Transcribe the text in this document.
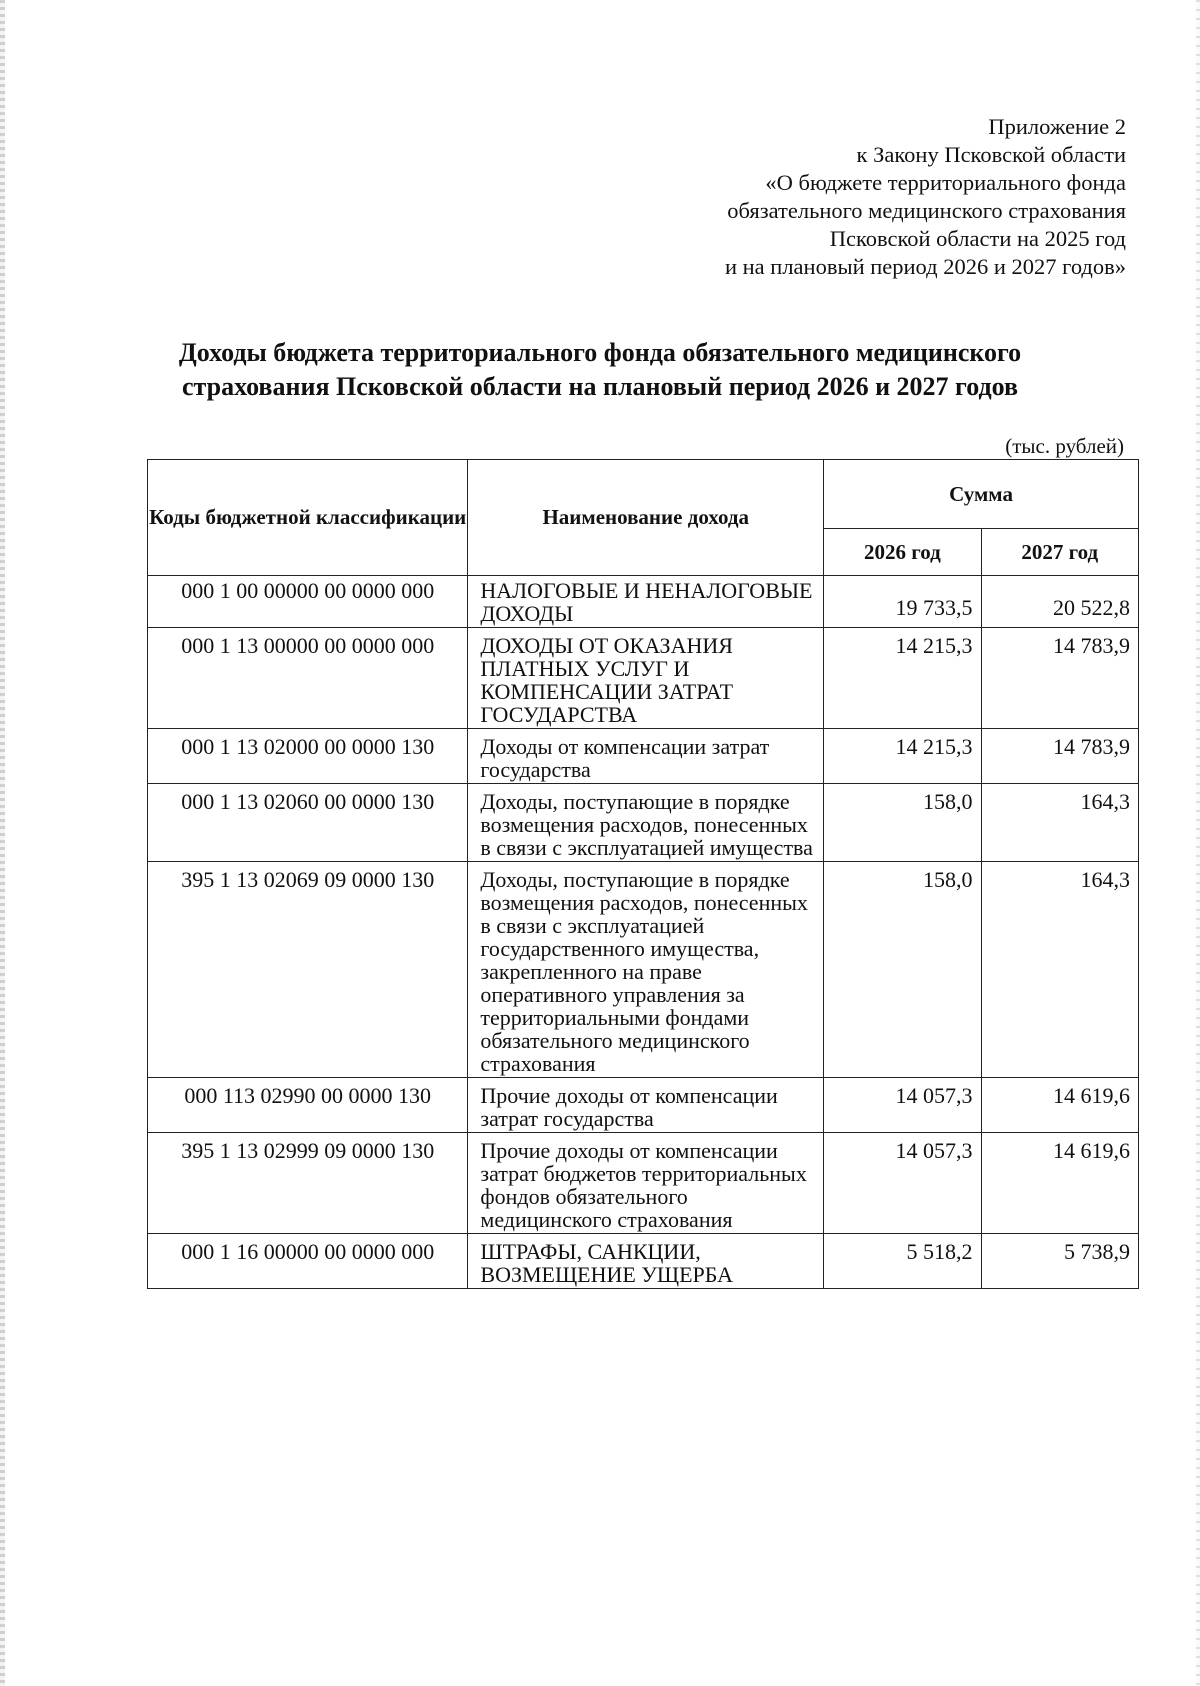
Приложение 2
к Закону Псковской области
«О бюджете территориального фонда
обязательного медицинского страхования
Псковской области на 2025 год
и на плановый период 2026 и 2027 годов»
Доходы бюджета территориального фонда обязательного медицинского
страхования Псковской области на плановый период 2026 и 2027 годов
(тыс. рублей)
Коды бюджетной классификации	Наименование дохода	Сумма	
		2026 год	2027 год
000 1 00 00000 00 0000 000	НАЛОГОВЫЕ И НЕНАЛОГОВЫЕ ДОХОДЫ	19 733,5	20 522,8
000 1 13 00000 00 0000 000	ДОХОДЫ ОТ ОКАЗАНИЯ ПЛАТНЫХ УСЛУГ И КОМПЕНСАЦИИ ЗАТРАТ ГОСУДАРСТВА	14 215,3	14 783,9
000 1 13 02000 00 0000 130	Доходы от компенсации затрат государства	14 215,3	14 783,9
000 1 13 02060 00 0000 130	Доходы, поступающие в порядке возмещения расходов, понесенных в связи с эксплуатацией имущества	158,0	164,3
395 1 13 02069 09 0000 130	Доходы, поступающие в порядке возмещения расходов, понесенных в связи с эксплуатацией государственного имущества, закрепленного на праве оперативного управления за территориальными фондами обязательного медицинского страхования	158,0	164,3
000 113 02990 00 0000 130	Прочие доходы от компенсации затрат государства	14 057,3	14 619,6
395 1 13 02999 09 0000 130	Прочие доходы от компенсации затрат бюджетов территориальных фондов обязательного медицинского страхования	14 057,3	14 619,6
000 1 16 00000 00 0000 000	ШТРАФЫ, САНКЦИИ, ВОЗМЕЩЕНИЕ УЩЕРБА	5 518,2	5 738,9
